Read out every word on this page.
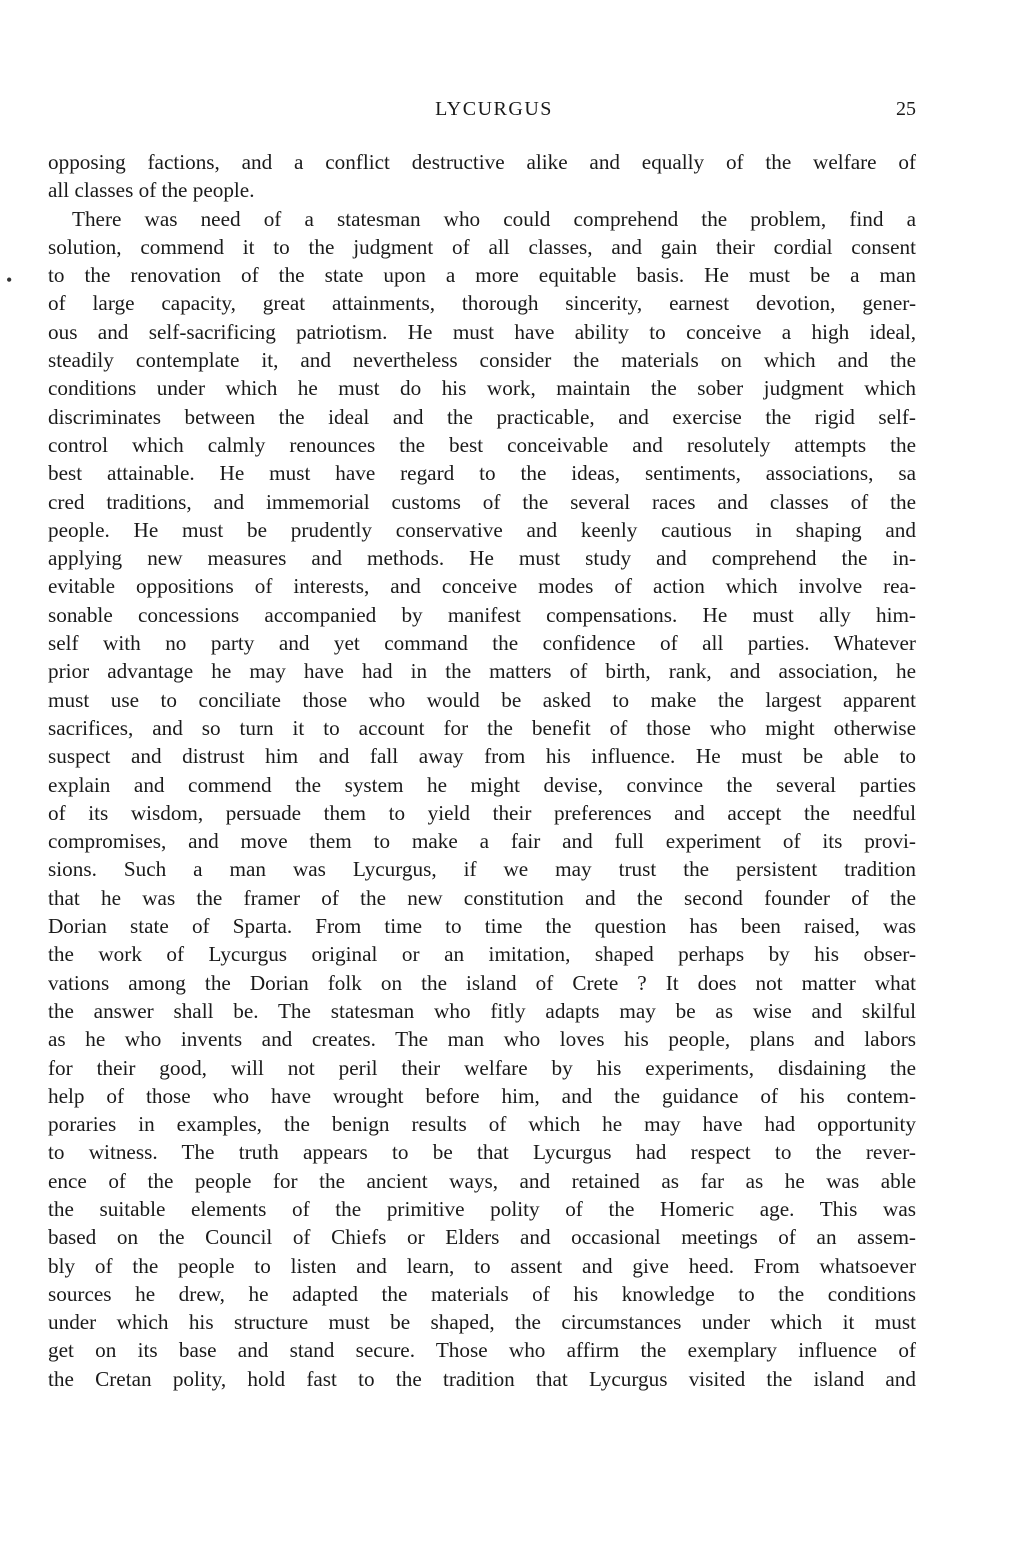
•
LYCURGUS	25
opposing factions, and a conflict destructive alike and equally of the welfare of
all classes of the people.
There was need of a statesman who could comprehend the problem, find a
solution, commend it to the judgment of all classes, and gain their cordial consent
to the renovation of the state upon a more equitable basis. He must be a man
of large capacity, great attainments, thorough sincerity, earnest devotion, gener-
ous and self-sacrificing patriotism. He must have ability to conceive a high ideal,
steadily contemplate it, and nevertheless consider the materials on which and the
conditions under which he must do his work, maintain the sober judgment which
discriminates between the ideal and the practicable, and exercise the rigid self-
control which calmly renounces the best conceivable and resolutely attempts the
best attainable. He must have regard to the ideas, sentiments, associations, sa
cred traditions, and immemorial customs of the several races and classes of the
people. He must be prudently conservative and keenly cautious in shaping and
applying new measures and methods. He must study and comprehend the in-
evitable oppositions of interests, and conceive modes of action which involve rea-
sonable concessions accompanied by manifest compensations. He must ally him-
self with no party and yet command the confidence of all parties. Whatever
prior advantage he may have had in the matters of birth, rank, and association, he
must use to conciliate those who would be asked to make the largest apparent
sacrifices, and so turn it to account for the benefit of those who might otherwise
suspect and distrust him and fall away from his influence. He must be able to
explain and commend the system he might devise, convince the several parties
of its wisdom, persuade them to yield their preferences and accept the needful
compromises, and move them to make a fair and full experiment of its provi-
sions. Such a man was Lycurgus, if we may trust the persistent tradition
that he was the framer of the new constitution and the second founder of the
Dorian state of Sparta. From time to time the question has been raised, was
the work of Lycurgus original or an imitation, shaped perhaps by his obser-
vations among the Dorian folk on the island of Crete ? It does not matter what
the answer shall be. The statesman who fitly adapts may be as wise and skilful
as he who invents and creates. The man who loves his people, plans and labors
for their good, will not peril their welfare by his experiments, disdaining the
help of those who have wrought before him, and the guidance of his contem-
poraries in examples, the benign results of which he may have had opportunity
to witness. The truth appears to be that Lycurgus had respect to the rever-
ence of the people for the ancient ways, and retained as far as he was able
the suitable elements of the primitive polity of the Homeric age. This was
based on the Council of Chiefs or Elders and occasional meetings of an assem-
bly of the people to listen and learn, to assent and give heed. From whatsoever
sources he drew, he adapted the materials of his knowledge to the conditions
under which his structure must be shaped, the circumstances under which it must
get on its base and stand secure. Those who affirm the exemplary influence of
the Cretan polity, hold fast to the tradition that Lycurgus visited the island and
